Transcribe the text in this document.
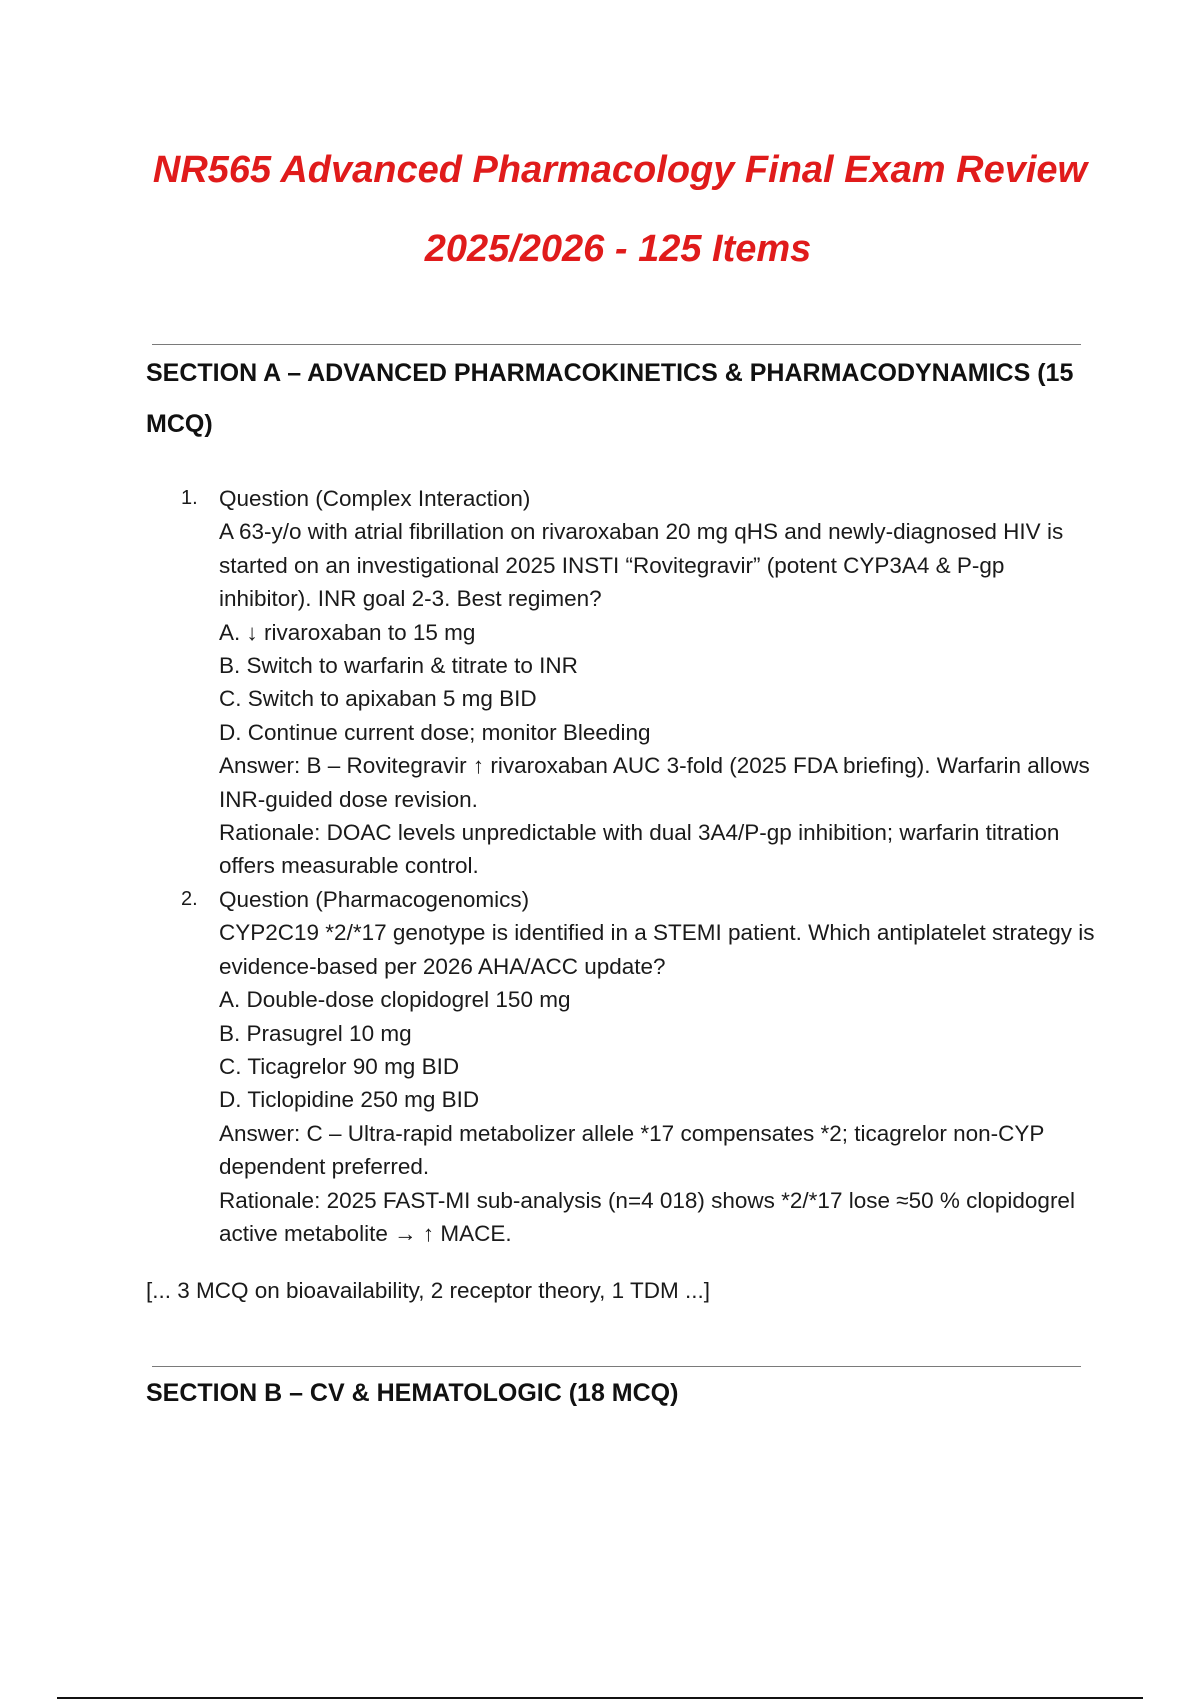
NR565 Advanced Pharmacology Final Exam Review
2025/2026 - 125 Items
SECTION A – ADVANCED PHARMACOKINETICS & PHARMACODYNAMICS (15 MCQ)
1. Question (Complex Interaction)
A 63-y/o with atrial fibrillation on rivaroxaban 20 mg qHS and newly-diagnosed HIV is started on an investigational 2025 INSTI “Rovitegravir” (potent CYP3A4 & P-gp inhibitor). INR goal 2-3. Best regimen?
A. ↓ rivaroxaban to 15 mg
B. Switch to warfarin & titrate to INR
C. Switch to apixaban 5 mg BID
D. Continue current dose; monitor Bleeding
Answer: B – Rovitegravir ↑ rivaroxaban AUC 3-fold (2025 FDA briefing). Warfarin allows INR-guided dose revision.
Rationale: DOAC levels unpredictable with dual 3A4/P-gp inhibition; warfarin titration offers measurable control.
2. Question (Pharmacogenomics)
CYP2C19 *2/*17 genotype is identified in a STEMI patient. Which antiplatelet strategy is evidence-based per 2026 AHA/ACC update?
A. Double-dose clopidogrel 150 mg
B. Prasugrel 10 mg
C. Ticagrelor 90 mg BID
D. Ticlopidine 250 mg BID
Answer: C – Ultra-rapid metabolizer allele *17 compensates *2; ticagrelor non-CYP dependent preferred.
Rationale: 2025 FAST-MI sub-analysis (n=4 018) shows *2/*17 lose ≈50 % clopidogrel active metabolite → ↑ MACE.

[... 3 MCQ on bioavailability, 2 receptor theory, 1 TDM ...]

SECTION B – CV & HEMATOLOGIC (18 MCQ)
